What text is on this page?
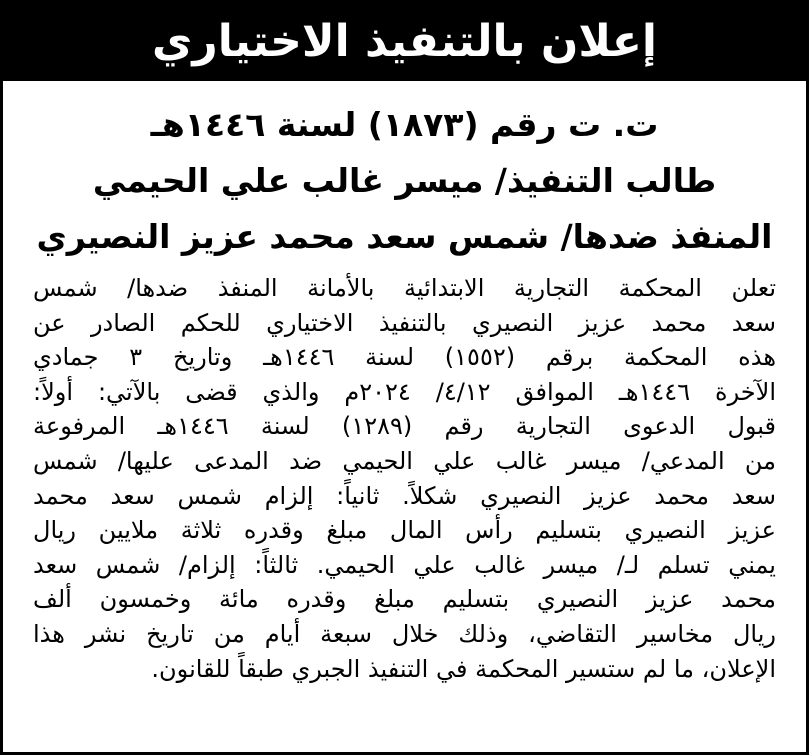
إعلان بالتنفيذ الاختياري
ت. ت رقم (١٨٧٣) لسنة ١٤٤٦هـ
طالب التنفيذ/ ميسر غالب علي الحيمي
المنفذ ضدها/ شمس سعد محمد عزيز النصيري
تعلن المحكمة التجارية الابتدائية بالأمانة المنفذ ضدها/ شمس
سعد محمد عزيز النصيري بالتنفيذ الاختياري للحكم الصادر عن
هذه المحكمة برقم (١٥٥٢) لسنة ١٤٤٦هـ وتاريخ ٣ جمادي
الآخرة ١٤٤٦هـ الموافق ٤/١٢/ ٢٠٢٤م والذي قضى بالآتي: أولاً:
قبول الدعوى التجارية رقم (١٢٨٩) لسنة ١٤٤٦هـ المرفوعة
من المدعي/ ميسر غالب علي الحيمي ضد المدعى عليها/ شمس
سعد محمد عزيز النصيري شكلاً. ثانياً: إلزام شمس سعد محمد
عزيز النصيري بتسليم رأس المال مبلغ وقدره ثلاثة ملايين ريال
يمني تسلم لـ/ ميسر غالب علي الحيمي. ثالثاً: إلزام/ شمس سعد
محمد عزيز النصيري بتسليم مبلغ وقدره مائة وخمسون ألف
ريال مخاسير التقاضي، وذلك خلال سبعة أيام من تاريخ نشر هذا
الإعلان، ما لم ستسير المحكمة في التنفيذ الجبري طبقاً للقانون.
